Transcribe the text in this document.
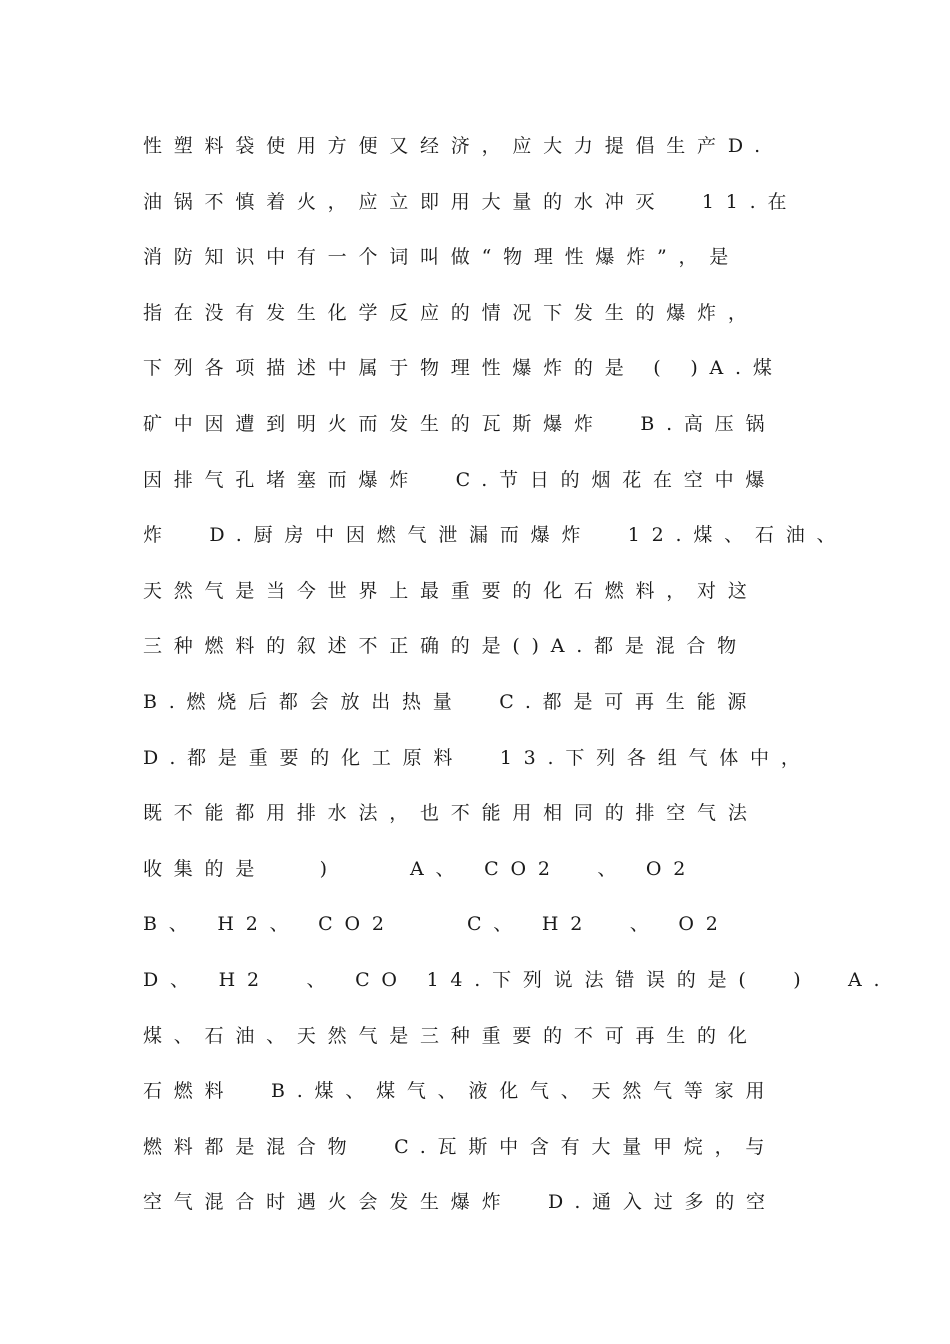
性塑料袋使用方便又经济，应大力提倡生产D.
油锅不慎着火，应立即用大量的水冲灭  11.在
消防知识中有一个词叫做“物理性爆炸”，是
指在没有发生化学反应的情况下发生的爆炸，
下列各项描述中属于物理性爆炸的是 ( )A.煤
矿中因遭到明火而发生的瓦斯爆炸  B.高压锅
因排气孔堵塞而爆炸  C.节日的烟花在空中爆
炸  D.厨房中因燃气泄漏而爆炸  12.煤、石油、
天然气是当今世界上最重要的化石燃料，对这
三种燃料的叙述不正确的是()A.都是混合物
B.燃烧后都会放出热量  C.都是可再生能源
D.都是重要的化工原料  13.下列各组气体中，
既不能都用排水法，也不能用相同的排空气法
收集的是   )    A、 CO2  、 O2
B、 H2、 CO2    C、 H2  、 O2
D、 H2  、 CO 14.下列说法错误的是(  )  A.
煤、石油、天然气是三种重要的不可再生的化
石燃料  B.煤、煤气、液化气、天然气等家用
燃料都是混合物  C.瓦斯中含有大量甲烷，与
空气混合时遇火会发生爆炸  D.通入过多的空
